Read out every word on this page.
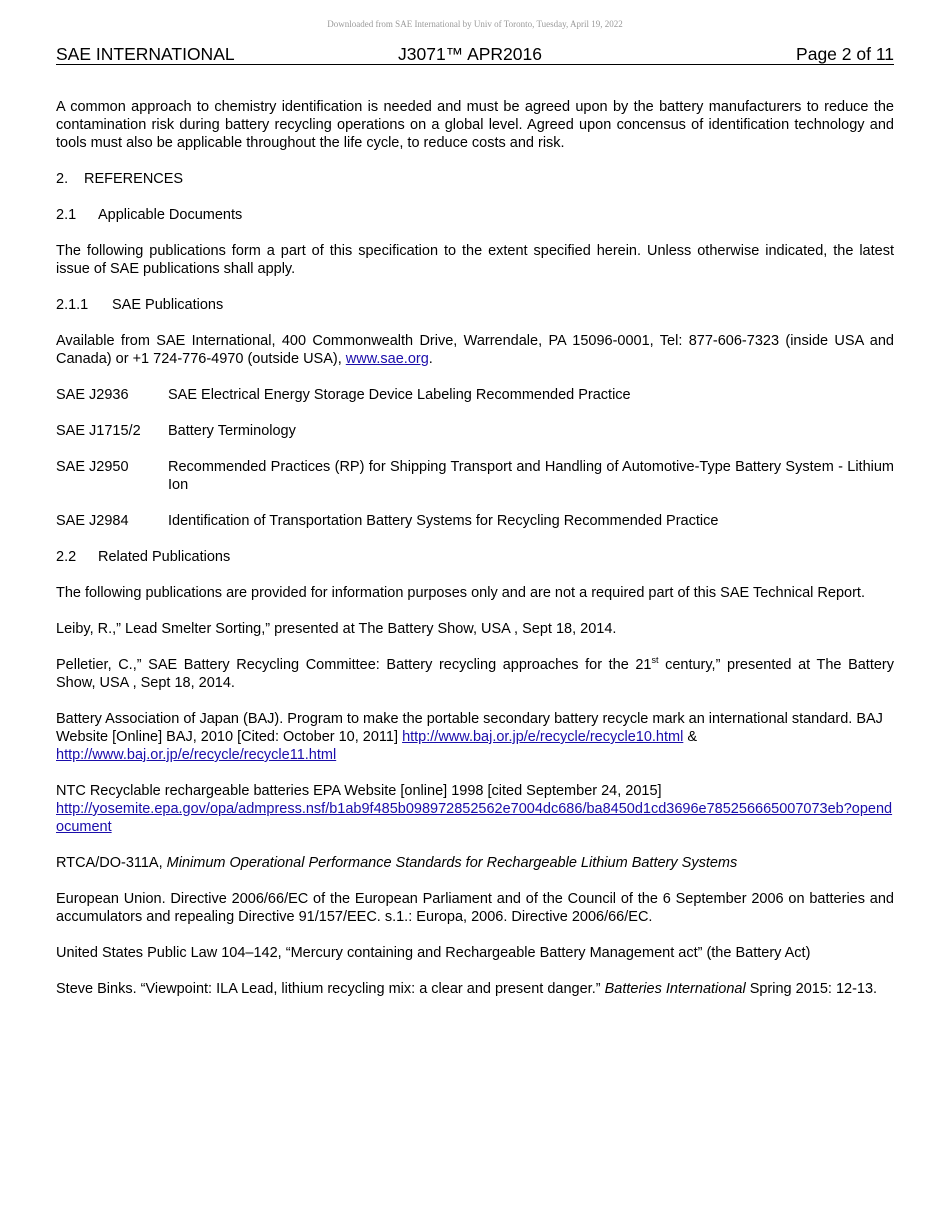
Downloaded from SAE International by Univ of Toronto, Tuesday, April 19, 2022
SAE INTERNATIONAL	J3071™ APR2016	Page 2 of 11

A common approach to chemistry identification is needed and must be agreed upon by the battery manufacturers to reduce the contamination risk during battery recycling operations on a global level. Agreed upon concensus of identification technology and tools must also be applicable throughout the life cycle, to reduce costs and risk.

2. REFERENCES
2.1 Applicable Documents

The following publications form a part of this specification to the extent specified herein. Unless otherwise indicated, the latest issue of SAE publications shall apply.

2.1.1 SAE Publications

Available from SAE International, 400 Commonwealth Drive, Warrendale, PA 15096-0001, Tel: 877-606-7323 (inside USA and Canada) or +1 724-776-4970 (outside USA), www.sae.org.

SAE J2936	SAE Electrical Energy Storage Device Labeling Recommended Practice
SAE J1715/2	Battery Terminology
SAE J2950	Recommended Practices (RP) for Shipping Transport and Handling of Automotive-Type Battery System - Lithium Ion
SAE J2984	Identification of Transportation Battery Systems for Recycling Recommended Practice
2.2 Related Publications

The following publications are provided for information purposes only and are not a required part of this SAE Technical Report.

Leiby, R.,” Lead Smelter Sorting,” presented at The Battery Show, USA , Sept 18, 2014.

Pelletier, C.,” SAE Battery Recycling Committee: Battery recycling approaches for the 21st century,” presented at The Battery Show, USA , Sept 18, 2014.

Battery Association of Japan (BAJ). Program to make the portable secondary battery recycle mark an international standard. BAJ Website [Online] BAJ, 2010 [Cited: October 10, 2011] http://www.baj.or.jp/e/recycle/recycle10.html &
http://www.baj.or.jp/e/recycle/recycle11.html

NTC Recyclable rechargeable batteries EPA Website [online] 1998 [cited September 24, 2015]
http://yosemite.epa.gov/opa/admpress.nsf/b1ab9f485b098972852562e7004dc686/ba8450d1cd3696e785256665007073eb?opendocument

RTCA/DO-311A, Minimum Operational Performance Standards for Rechargeable Lithium Battery Systems

European Union. Directive 2006/66/EC of the European Parliament and of the Council of the 6 September 2006 on batteries and accumulators and repealing Directive 91/157/EEC. s.1.: Europa, 2006. Directive 2006/66/EC.

United States Public Law 104–142, “Mercury containing and Rechargeable Battery Management act” (the Battery Act)

Steve Binks. “Viewpoint: ILA Lead, lithium recycling mix: a clear and present danger.” Batteries International Spring 2015: 12-13.
